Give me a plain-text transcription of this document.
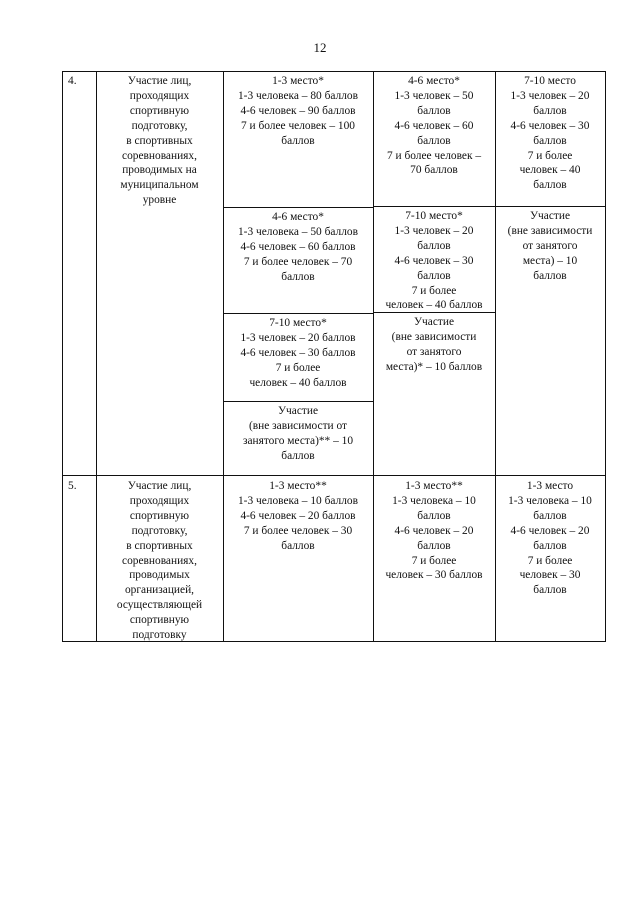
12
4.	Участие лиц,
проходящих
спортивную
подготовку,
в спортивных
соревнованиях,
проводимых на
муниципальном
уровне
1-3 место*
1-3 человека – 80 баллов
4-6 человек – 90 баллов
7 и более человек – 100
баллов
4-6 место*
1-3 человека – 50 баллов
4-6 человек – 60 баллов
7 и более человек – 70
баллов
7-10 место*
1-3 человек – 20 баллов
4-6 человек – 30 баллов
7 и более
человек – 40 баллов
Участие
(вне зависимости от
занятого места)** – 10
баллов
4-6 место*
1-3 человек – 50
баллов
4-6 человек – 60
баллов
7 и более человек –
70 баллов
7-10 место*
1-3 человек – 20
баллов
4-6 человек – 30
баллов
7 и более
человек – 40 баллов
Участие
(вне зависимости
от занятого
места)* – 10 баллов
7-10 место
1-3 человек – 20
баллов
4-6 человек – 30
баллов
7 и более
человек – 40
баллов
Участие
(вне зависимости
от занятого
места) – 10
баллов
5.	Участие лиц,
проходящих
спортивную
подготовку,
в спортивных
соревнованиях,
проводимых
организацией,
осуществляющей
спортивную
подготовку
1-3 место**
1-3 человека – 10 баллов
4-6 человек – 20 баллов
7 и более человек – 30
баллов
1-3 место**
1-3 человека – 10
баллов
4-6 человек – 20
баллов
7 и более
человек – 30 баллов
1-3 место
1-3 человека – 10
баллов
4-6 человек – 20
баллов
7 и более
человек – 30
баллов
